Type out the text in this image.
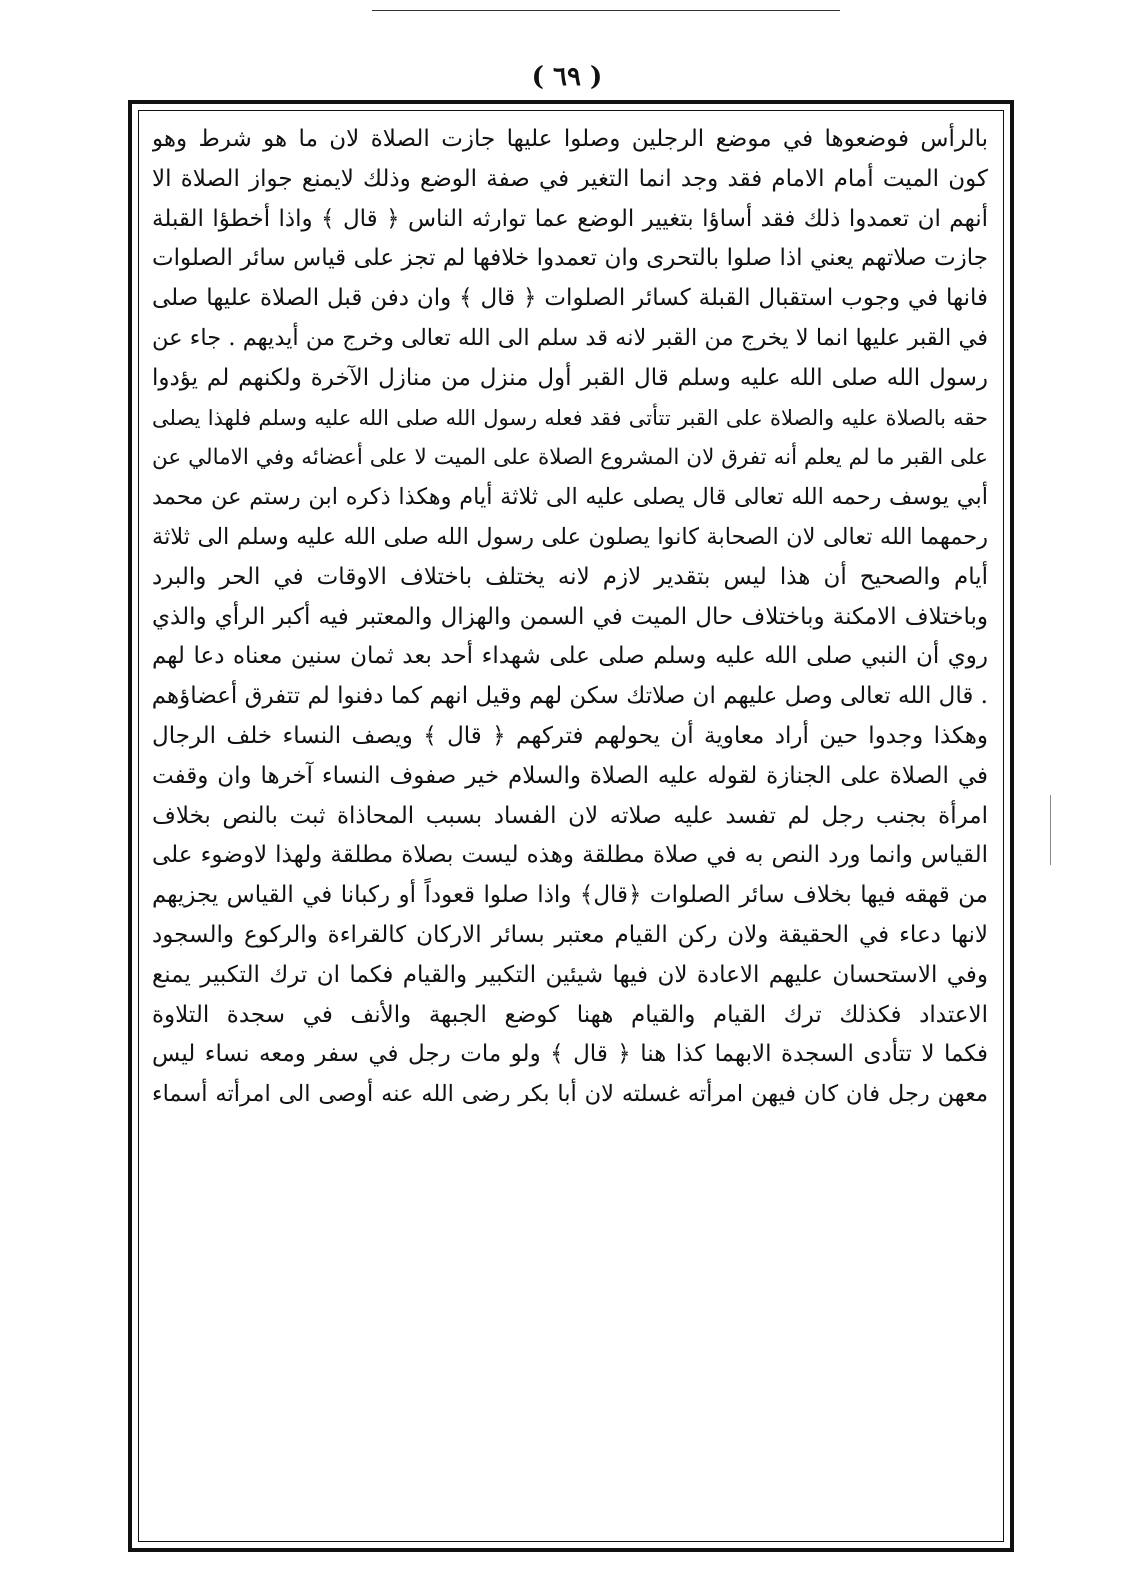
( ٦٩ )
بالرأس فوضعوها في موضع الرجلين وصلوا عليها جازت الصلاة لان ما هو شرط وهو
كون الميت أمام الامام فقد وجد انما التغير في صفة الوضع وذلك لايمنع جواز الصلاة الا
أنهم ان تعمدوا ذلك فقد أساؤا بتغيير الوضع عما توارثه الناس ﴿ قال ﴾ واذا أخطؤا القبلة
جازت صلاتهم يعني اذا صلوا بالتحرى وان تعمدوا خلافها لم تجز على قياس سائر الصلوات
فانها في وجوب استقبال القبلة كسائر الصلوات ﴿ قال ﴾ وان دفن قبل الصلاة عليها صلى
في القبر عليها انما لا يخرج من القبر لانه قد سلم الى الله تعالى وخرج من أيديهم . جاء عن
رسول الله صلى الله عليه وسلم قال القبر أول منزل من منازل الآخرة ولكنهم لم يؤدوا
حقه بالصلاة عليه والصلاة على القبر تتأتى فقد فعله رسول الله صلى الله عليه وسلم فلهذا يصلى
على القبر ما لم يعلم أنه تفرق لان المشروع الصلاة على الميت لا على أعضائه وفي الامالي عن
أبي يوسف رحمه الله تعالى قال يصلى عليه الى ثلاثة أيام وهكذا ذكره ابن رستم عن محمد
رحمهما الله تعالى لان الصحابة كانوا يصلون على رسول الله صلى الله عليه وسلم الى ثلاثة
أيام والصحيح أن هذا ليس بتقدير لازم لانه يختلف باختلاف الاوقات في الحر والبرد
وباختلاف الامكنة وباختلاف حال الميت في السمن والهزال والمعتبر فيه أكبر الرأي والذي
روي أن النبي صلى الله عليه وسلم صلى على شهداء أحد بعد ثمان سنين معناه دعا لهم
. قال الله تعالى وصل عليهم ان صلاتك سكن لهم وقيل انهم كما دفنوا لم تتفرق أعضاؤهم
وهكذا وجدوا حين أراد معاوية أن يحولهم فتركهم ﴿ قال ﴾ ويصف النساء خلف الرجال
في الصلاة على الجنازة لقوله عليه الصلاة والسلام خير صفوف النساء آخرها وان وقفت
امرأة بجنب رجل لم تفسد عليه صلاته لان الفساد بسبب المحاذاة ثبت بالنص بخلاف
القياس وانما ورد النص به في صلاة مطلقة وهذه ليست بصلاة مطلقة ولهذا لاوضوء على
من قهقه فيها بخلاف سائر الصلوات ﴿قال﴾ واذا صلوا قعوداً أو ركبانا في القياس يجزيهم
لانها دعاء في الحقيقة ولان ركن القيام معتبر بسائر الاركان كالقراءة والركوع والسجود
وفي الاستحسان عليهم الاعادة لان فيها شيئين التكبير والقيام فكما ان ترك التكبير يمنع
الاعتداد فكذلك ترك القيام والقيام ههنا كوضع الجبهة والأنف في سجدة التلاوة
فكما لا تتأدى السجدة الابهما كذا هنا ﴿ قال ﴾ ولو مات رجل في سفر ومعه نساء ليس
معهن رجل فان كان فيهن امرأته غسلته لان أبا بكر رضى الله عنه أوصى الى امرأته أسماء
